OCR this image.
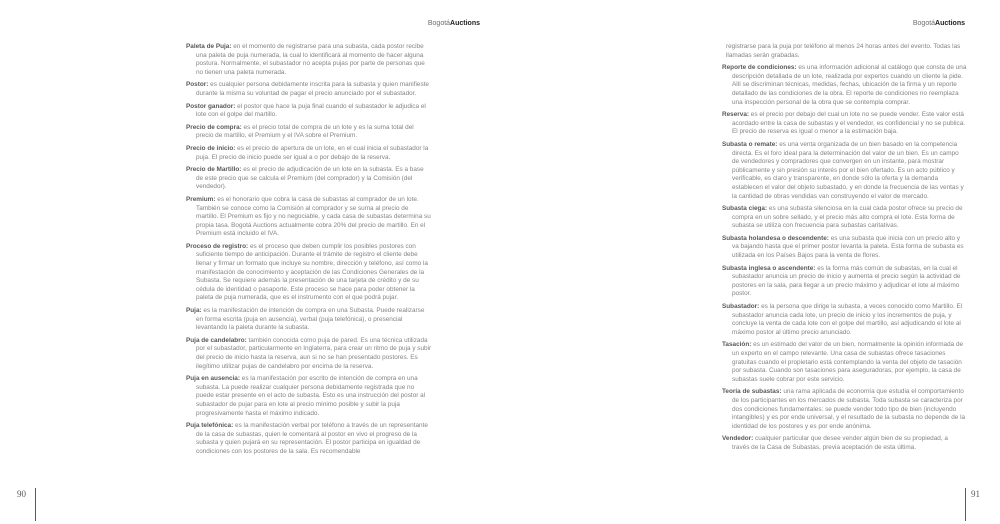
BogotáAuctions	BogotáAuctions

Paleta de Puja: en el momento de registrarse para una subasta, cada postor recibe una paleta de puja numerada, la cual lo identificará al momento de hacer alguna postura. Normalmente, el subastador no acepta pujas por parte de personas que no tienen una paleta numerada.

Postor: es cualquier persona debidamente inscrita para la subasta y quien manifieste durante la misma su voluntad de pagar el precio anunciado por el subastador.

Postor ganador: el postor que hace la puja final cuando el subastador le adjudica el lote con el golpe del martillo.

Precio de compra: es el precio total de compra de un lote y es la suma total del precio de martillo, el Premium y el IVA sobre el Premium.

Precio de inicio: es el precio de apertura de un lote, en el cual inicia el subastador la puja. El precio de inicio puede ser igual a o por debajo de la reserva.

Precio de Martillo: es el precio de adjudicación de un lote en la subasta. Es a base de este precio que se calcula el Premium (del comprador) y la Comisión (del vendedor).

Premium: es el honorario que cobra la casa de subastas al comprador de un lote. También se conoce como la Comisión al comprador y se suma al precio de martillo. El Premium es fijo y no negociable, y cada casa de subastas determina su propia tasa. Bogotá Auctions actualmente cobra 20% del precio de martillo. En el Premium está incluido el IVA.

Proceso de registro: es el proceso que deben cumplir los posibles postores con suficiente tiempo de anticipación. Durante el trámite de registro el cliente debe llenar y firmar un formato que incluye su nombre, dirección y teléfono, así como la manifestación de conocimiento y aceptación de las Condiciones Generales de la Subasta. Se requiere además la presentación de una tarjeta de crédito y de su cédula de identidad o pasaporte. Este proceso se hace para poder obtener la paleta de puja numerada, que es el instrumento con el que podrá pujar.

Puja: es la manifestación de intención de compra en una Subasta. Puede realizarse en forma escrita (puja en ausencia), verbal (puja telefónica), o presencial levantando la paleta durante la subasta.

Puja de candelabro: también conocida como puja de pared. Es una técnica utilizada por el subastador, particularmente en Inglaterra, para crear un ritmo de puja y subir del precio de inicio hasta la reserva, aun si no se han presentado postores. Es ilegítimo utilizar pujas de candelabro por encima de la reserva.

Puja en ausencia: es la manifestación por escrito de intención de compra en una subasta. La puede realizar cualquier persona debidamente registrada que no puede estar presente en el acto de subasta. Esto es una instrucción del postor al subastador de pujar para en lote al precio mínimo posible y subir la puja progresivamente hasta el máximo indicado.

Puja telefónica: es la manifestación verbal por teléfono a través de un representante de la casa de subastas, quien le comentará al postor en vivo el progreso de la subasta y quien pujará en su representación. El postor participa en igualdad de condiciones con los postores de la sala. Es recomendable

registrarse para la puja por teléfono al menos 24 horas antes del evento. Todas las llamadas serán grabadas.

Reporte de condiciones: es una información adicional al catálogo que consta de una descripción detallada de un lote, realizada por expertos cuando un cliente la pide. Allí se discriminan técnicas, medidas, fechas, ubicación de la firma y un reporte detallado de las condiciones de la obra. El reporte de condiciones no reemplaza una inspección personal de la obra que se contempla comprar.

Reserva: es el precio por debajo del cual un lote no se puede vender. Este valor está acordado entre la casa de subastas y el vendedor, es confidencial y no se publica. El precio de reserva es igual o menor a la estimación baja.

Subasta o remate: es una venta organizada de un bien basado en la competencia directa. Es el foro ideal para la determinación del valor de un bien. Es un campo de vendedores y compradores que convergen en un instante, para mostrar públicamente y sin presión su interés por el bien ofertado. Es un acto público y verificable, es claro y transparente, en donde sólo la oferta y la demanda establecen el valor del objeto subastado, y en donde la frecuencia de las ventas y la cantidad de obras vendidas van construyendo el valor de mercado.

Subasta ciega: es una subasta silenciosa en la cual cada postor ofrece su precio de compra en un sobre sellado, y el precio más alto compra el lote. Esta forma de subasta se utiliza con frecuencia para subastas caritativas.

Subasta holandesa o descendente: es una subasta que inicia con un precio alto y va bajando hasta que el primer postor levanta la paleta. Esta forma de subasta es utilizada en los Países Bajos para la venta de flores.

Subasta inglesa o ascendente: es la forma más común de subastas, en la cual el subastador anuncia un precio de inicio y aumenta el precio según la actividad de postores en la sala, para llegar a un precio máximo y adjudicar el lote al máximo postor.

Subastador: es la persona que dirige la subasta, a veces conocido como Martillo. El subastador anuncia cada lote, un precio de inicio y los incrementos de puja, y concluye la venta de cada lote con el golpe del martillo, así adjudicando el lote al máximo postor al último precio anunciado.

Tasación: es un estimado del valor de un bien, normalmente la opinión informada de un experto en el campo relevante. Una casa de subastas ofrece tasaciones gratuitas cuando el propietario está contemplando la venta del objeto de tasación por subasta. Cuando son tasaciones para aseguradoras, por ejemplo, la casa de subastas suele cobrar por este servicio.

Teoría de subastas: una rama aplicada de economía que estudia el comportamiento de los participantes en los mercados de subasta. Toda subasta se caracteriza por dos condiciones fundamentales: se puede vender todo tipo de bien (incluyendo intangibles) y es por ende universal, y el resultado de la subasta no depende de la identidad de los postores y es por ende anónima.

Vendedor: cualquier particular que desee vender algún bien de su propiedad, a través de la Casa de Subastas, previa aceptación de esta última.

90	91
